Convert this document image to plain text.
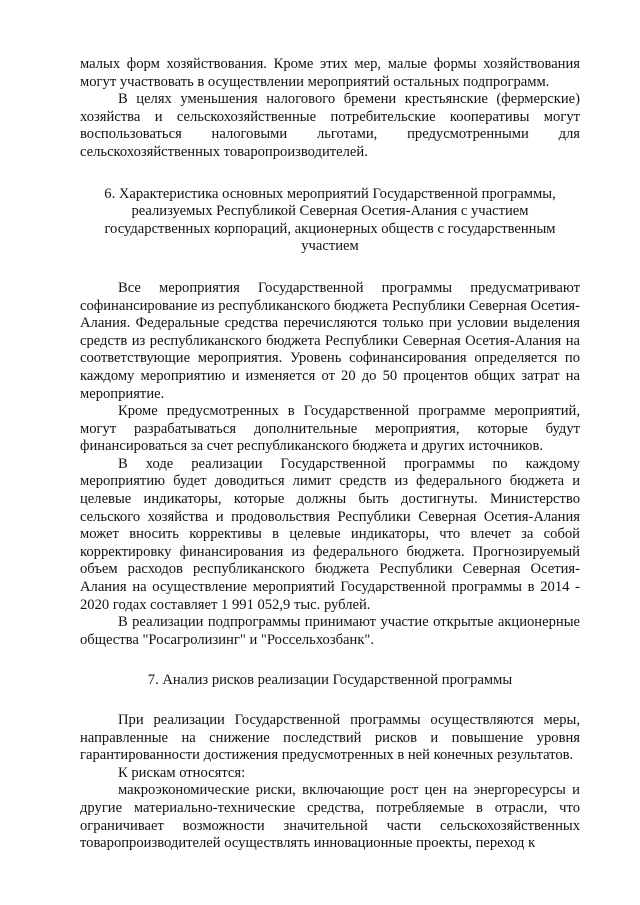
малых форм хозяйствования. Кроме этих мер, малые формы хозяйствования могут участвовать в осуществлении мероприятий остальных подпрограмм.

В целях уменьшения налогового бремени крестьянские (фермерские) хозяйства и сельскохозяйственные потребительские кооперативы могут воспользоваться налоговыми льготами, предусмотренными для сельскохозяйственных товаропроизводителей.

6. Характеристика основных мероприятий Государственной программы, реализуемых Республикой Северная Осетия-Алания с участием государственных корпораций, акционерных обществ с государственным участием

Все мероприятия Государственной программы предусматривают софинансирование из республиканского бюджета Республики Северная Осетия-Алания. Федеральные средства перечисляются только при условии выделения средств из республиканского бюджета Республики Северная Осетия-Алания на соответствующие мероприятия. Уровень софинансирования определяется по каждому мероприятию и изменяется от 20 до 50 процентов общих затрат на мероприятие.

Кроме предусмотренных в Государственной программе мероприятий, могут разрабатываться дополнительные мероприятия, которые будут финансироваться за счет республиканского бюджета и других источников.

В ходе реализации Государственной программы по каждому мероприятию будет доводиться лимит средств из федерального бюджета и целевые индикаторы, которые должны быть достигнуты. Министерство сельского хозяйства и продовольствия Республики Северная Осетия-Алания может вносить коррективы в целевые индикаторы, что влечет за собой корректировку финансирования из федерального бюджета. Прогнозируемый объем расходов республиканского бюджета Республики Северная Осетия-Алания на осуществление мероприятий Государственной программы в 2014 - 2020 годах составляет 1 991 052,9 тыс. рублей.

В реализации подпрограммы принимают участие открытые акционерные общества "Росагролизинг" и "Россельхозбанк".

7. Анализ рисков реализации Государственной программы

При реализации Государственной программы осуществляются меры, направленные на снижение последствий рисков и повышение уровня гарантированности достижения предусмотренных в ней конечных результатов.

К рискам относятся:

макроэкономические риски, включающие рост цен на энергоресурсы и другие материально-технические средства, потребляемые в отрасли, что ограничивает возможности значительной части сельскохозяйственных товаропроизводителей осуществлять инновационные проекты, переход к
